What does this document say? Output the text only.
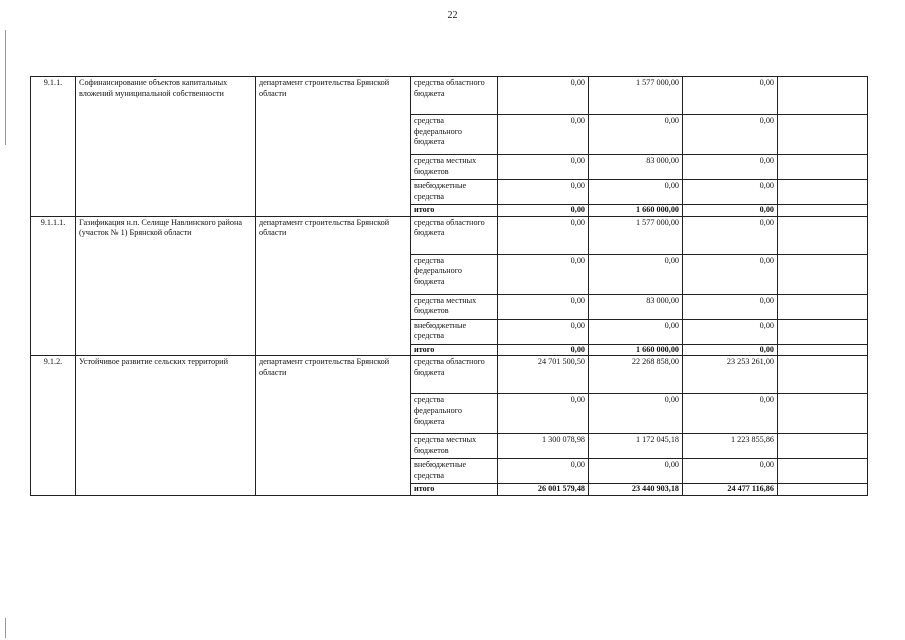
22
9.1.1.	Софинансирование объектов капитальных вложений муниципальной собственности	департамент строительства Брянской области	средства областного бюджета	0,00	1 577 000,00	0,00	
			средства федерального бюджета	0,00	0,00	0,00	
			средства местных бюджетов	0,00	83 000,00	0,00	
			внебюджетные средства	0,00	0,00	0,00	
			итого	0,00	1 660 000,00	0,00	
9.1.1.1.	Газификация н.п. Селище Навлинского района (участок № 1) Брянской области	департамент строительства Брянской области	средства областного бюджета	0,00	1 577 000,00	0,00	
			средства федерального бюджета	0,00	0,00	0,00	
			средства местных бюджетов	0,00	83 000,00	0,00	
			внебюджетные средства	0,00	0,00	0,00	
			итого	0,00	1 660 000,00	0,00	
9.1.2.	Устойчивое развитие сельских территорий	департамент строительства Брянской области	средства областного бюджета	24 701 500,50	22 268 858,00	23 253 261,00	
			средства федерального бюджета	0,00	0,00	0,00	
			средства местных бюджетов	1 300 078,98	1 172 045,18	1 223 855,86	
			внебюджетные средства	0,00	0,00	0,00	
			итого	26 001 579,48	23 440 903,18	24 477 116,86	
